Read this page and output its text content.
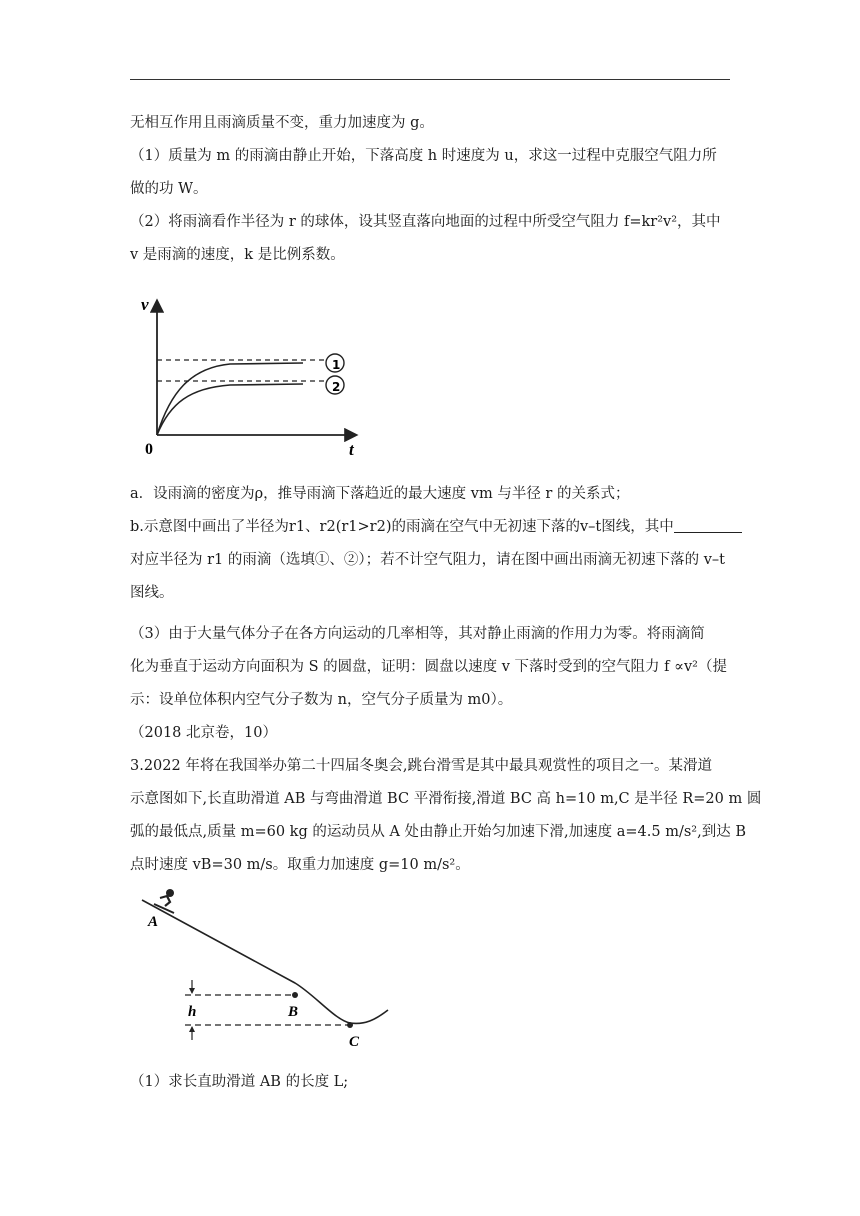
无相互作用且雨滴质量不变，重力加速度为 g。
（1）质量为 m 的雨滴由静止开始，下落高度 h 时速度为 u，求这一过程中克服空气阻力所
做的功 W。
（2）将雨滴看作半径为 r 的球体，设其竖直落向地面的过程中所受空气阻力 f=kr²v²，其中
v 是雨滴的速度，k 是比例系数。
v
t
0
1
2
a．设雨滴的密度为ρ，推导雨滴下落趋近的最大速度 vm 与半径 r 的关系式；
b.示意图中画出了半径为r1、r2(r1>r2)的雨滴在空气中无初速下落的v–t图线，其中
对应半径为 r1 的雨滴（选填①、②）；若不计空气阻力，请在图中画出雨滴无初速下落的 v–t
图线。
（3）由于大量气体分子在各方向运动的几率相等，其对静止雨滴的作用力为零。将雨滴简
化为垂直于运动方向面积为 S 的圆盘，证明：圆盘以速度 v 下落时受到的空气阻力 f ∝v²（提
示：设单位体积内空气分子数为 n，空气分子质量为 m0）。
（2018 北京卷，10）
3.2022 年将在我国举办第二十四届冬奥会,跳台滑雪是其中最具观赏性的项目之一。某滑道
示意图如下,长直助滑道 AB 与弯曲滑道 BC 平滑衔接,滑道 BC 高 h=10 m,C 是半径 R=20 m 圆
弧的最低点,质量 m=60 kg 的运动员从 A 处由静止开始匀加速下滑,加速度 a=4.5 m/s²,到达 B
点时速度 vB=30 m/s。取重力加速度 g=10 m/s²。
A
B
C
h
（1）求长直助滑道 AB 的长度 L;
